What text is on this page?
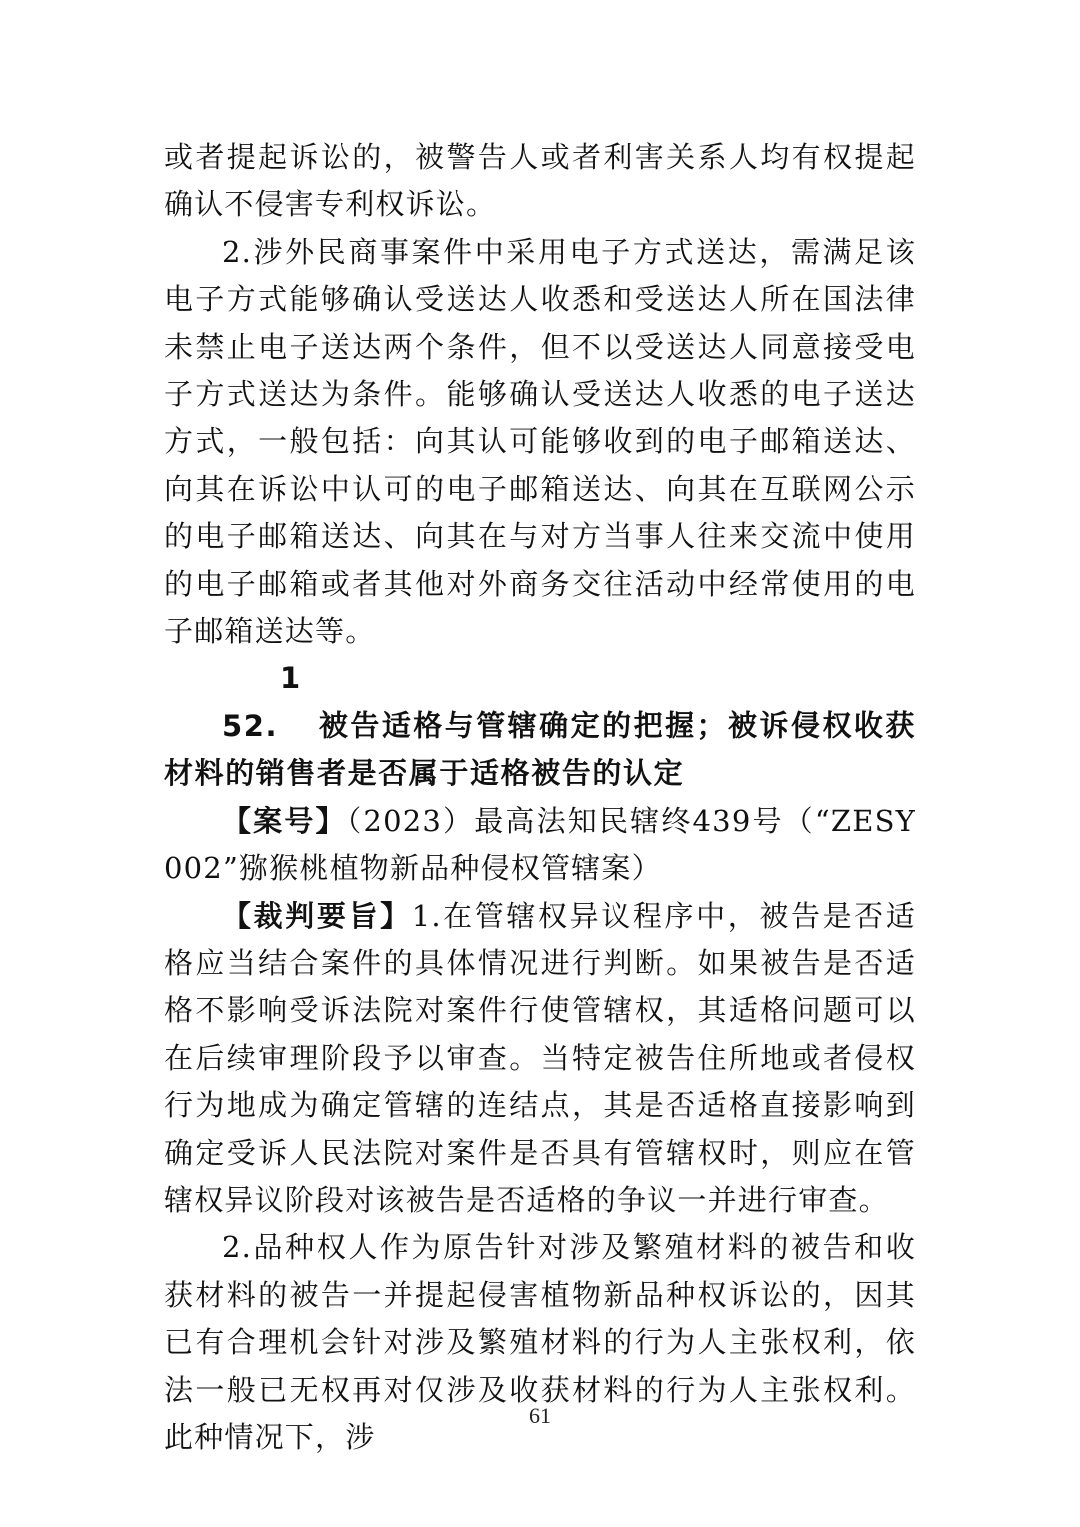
或者提起诉讼的，被警告人或者利害关系人均有权提起确认不侵害专利权诉讼。

2.涉外民商事案件中采用电子方式送达，需满足该电子方式能够确认受送达人收悉和受送达人所在国法律未禁止电子送达两个条件，但不以受送达人同意接受电子方式送达为条件。能够确认受送达人收悉的电子送达方式，一般包括：向其认可能够收到的电子邮箱送达、向其在诉讼中认可的电子邮箱送达、向其在互联网公示的电子邮箱送达、向其在与对方当事人往来交流中使用的电子邮箱或者其他对外商务交往活动中经常使用的电子邮箱送达等。

152. 被告适格与管辖确定的把握；被诉侵权收获材料的销售者是否属于适格被告的认定

【案号】（2023）最高法知民辖终439号（“ZESY002”猕猴桃植物新品种侵权管辖案）

【裁判要旨】1.在管辖权异议程序中，被告是否适格应当结合案件的具体情况进行判断。如果被告是否适格不影响受诉法院对案件行使管辖权，其适格问题可以在后续审理阶段予以审查。当特定被告住所地或者侵权行为地成为确定管辖的连结点，其是否适格直接影响到确定受诉人民法院对案件是否具有管辖权时，则应在管辖权异议阶段对该被告是否适格的争议一并进行审查。

2.品种权人作为原告针对涉及繁殖材料的被告和收获材料的被告一并提起侵害植物新品种权诉讼的，因其已有合理机会针对涉及繁殖材料的行为人主张权利，依法一般已无权再对仅涉及收获材料的行为人主张权利。此种情况下，涉

61
